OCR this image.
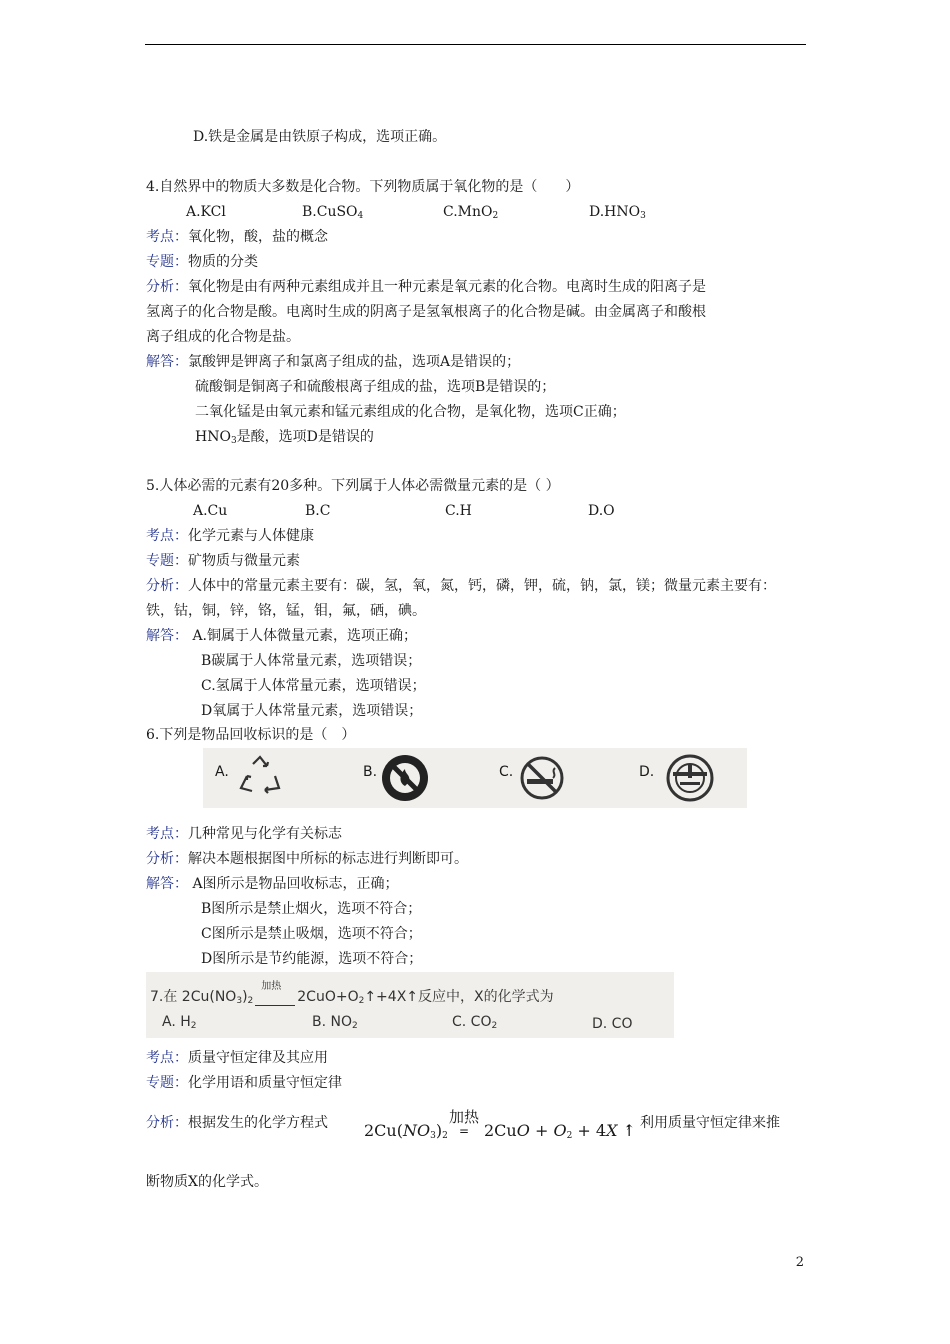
D.铁是金属是由铁原子构成，选项正确。
4.自然界中的物质大多数是化合物。下列物质属于氧化物的是（　　）
A.KCl	B.CuSO$_4$	C.MnO$_2$	$D.HNO_3$
考点：氧化物，酸，盐的概念
专题：物质的分类
分析：氧化物是由有两种元素组成并且一种元素是氧元素的化合物。电离时生成的阳离子是
氢离子的化合物是酸。电离时生成的阴离子是氢氧根离子的化合物是碱。由金属离子和酸根
离子组成的化合物是盐。
解答：氯酸钾是钾离子和氯离子组成的盐，选项A是错误的；
硫酸铜是铜离子和硫酸根离子组成的盐，选项B是错误的；
二氧化锰是由氧元素和锰元素组成的化合物，是氧化物，选项C正确；
$HNO_3$是酸，选项D是错误的
5.人体必需的元素有20多种。下列属于人体必需微量元素的是（ ）
A.Cu	B.C	C.H	D.O
考点：化学元素与人体健康
专题：矿物质与微量元素
分析：人体中的常量元素主要有：碳，氢，氧，氮，钙，磷，钾，硫，钠，氯，镁；微量元素主要有：
铁，钴，铜，锌，铬，锰，钼，氟，硒，碘。
解答： A.铜属于人体微量元素，选项正确；
B碳属于人体常量元素，选项错误；
C.氢属于人体常量元素，选项错误；
D氧属于人体常量元素，选项错误；
6.下列是物品回收标识的是（　）
A.	B.	C.	D.
考点：几种常见与化学有关标志
分析：解决本题根据图中所标的标志进行判断即可。
解答： A图所示是物品回收标志，正确；
B图所示是禁止烟火，选项不符合；
C图所示是禁止吸烟，选项不符合；
D图所示是节约能源，选项不符合；
7.在 $2Cu(NO_3)_2$
加热
$2CuO+O_2↑+4X↑$反应中，X的化学式为
A. $H_2$	B. $NO_2$	C. $CO_2$	D. CO
考点：质量守恒定律及其应用
专题：化学用语和质量守恒定律
分析：根据发生的化学方程式 $2Cu(NO_3)_2$
加热
= $2CuO + O_2 + 4X$ ↑
，利用质量守恒定律来推
断物质X的化学式。
2
